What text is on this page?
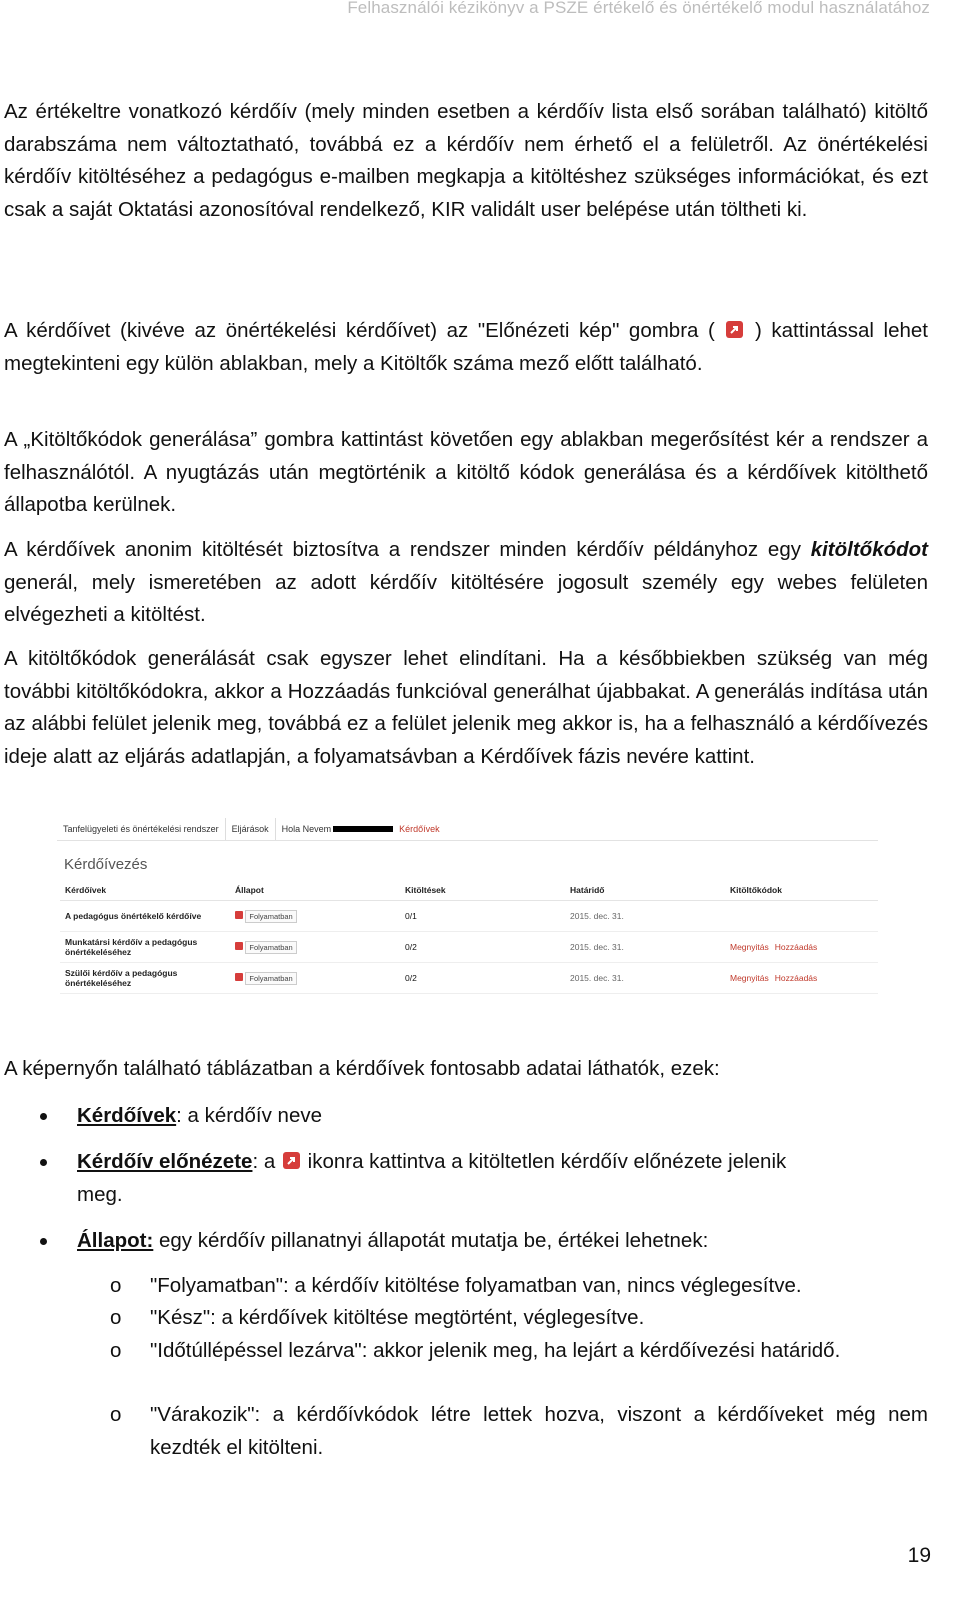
Felhasználói kézikönyv a PSZE értékelő és önértékelő modul használatához

Az értékeltre vonatkozó kérdőív (mely minden esetben a kérdőív lista első sorában található) kitöltő darabszáma nem változtatható, továbbá ez a kérdőív nem érhető el a felületről. Az önértékelési kérdőív kitöltéséhez a pedagógus e-mailben megkapja a kitöltéshez szükséges információkat, és ezt csak a saját Oktatási azonosítóval rendelkező, KIR validált user belépése után töltheti ki.

A kérdőívet (kivéve az önértékelési kérdőívet) az "Előnézeti kép" gombra ( ) kattintással lehet megtekinteni egy külön ablakban, mely a Kitöltők száma mező előtt található.

A „Kitöltőkódok generálása” gombra kattintást követően egy ablakban megerősítést kér a rendszer a felhasználótól. A nyugtázás után megtörténik a kitöltő kódok generálása és a kérdőívek kitölthető állapotba kerülnek.

A kérdőívek anonim kitöltését biztosítva a rendszer minden kérdőív példányhoz egy kitöltőkódot generál, mely ismeretében az adott kérdőív kitöltésére jogosult személy egy webes felületen elvégezheti a kitöltést.

A kitöltőkódok generálását csak egyszer lehet elindítani. Ha a későbbiekben szükség van még további kitöltőkódokra, akkor a Hozzáadás funkcióval generálhat újabbakat. A generálás indítása után az alábbi felület jelenik meg, továbbá ez a felület jelenik meg akkor is, ha a felhasználó a kérdőívezés ideje alatt az eljárás adatlapján, a folyamatsávban a Kérdőívek fázis nevére kattint.

Tanfelügyeleti és önértékelési rendszer	Eljárások	Hola Nevem	Kérdőívek
Kérdőívezés
Kérdőívek	Állapot	Kitöltések	Határidő	Kitöltőkódok
A pedagógus önértékelő kérdőíve	Folyamatban	0/1	2015. dec. 31.	
Munkatársi kérdőív a pedagógus önértékeléséhez	Folyamatban	0/2	2015. dec. 31.	Megnyitás Hozzáadás
Szülői kérdőív a pedagógus önértékeléséhez	Folyamatban	0/2	2015. dec. 31.	Megnyitás Hozzáadás

A képernyőn található táblázatban a kérdőívek fontosabb adatai láthatók, ezek:

Kérdőívek: a kérdőív neve
Kérdőív előnézete: a
ikonra kattintva a kitöltetlen kérdőív előnézete jelenik
meg.
Állapot: egy kérdőív pillanatnyi állapotát mutatja be, értékei lehetnek:
o "Folyamatban": a kérdőív kitöltése folyamatban van, nincs véglegesítve.
o "Kész": a kérdőívek kitöltése megtörtént, véglegesítve.
o "Időtúllépéssel lezárva": akkor jelenik meg, ha lejárt a kérdőívezési határidő.
o "Várakozik": a kérdőívkódok létre lettek hozva, viszont a kérdőíveket még nem kezdték el kitölteni.
19
